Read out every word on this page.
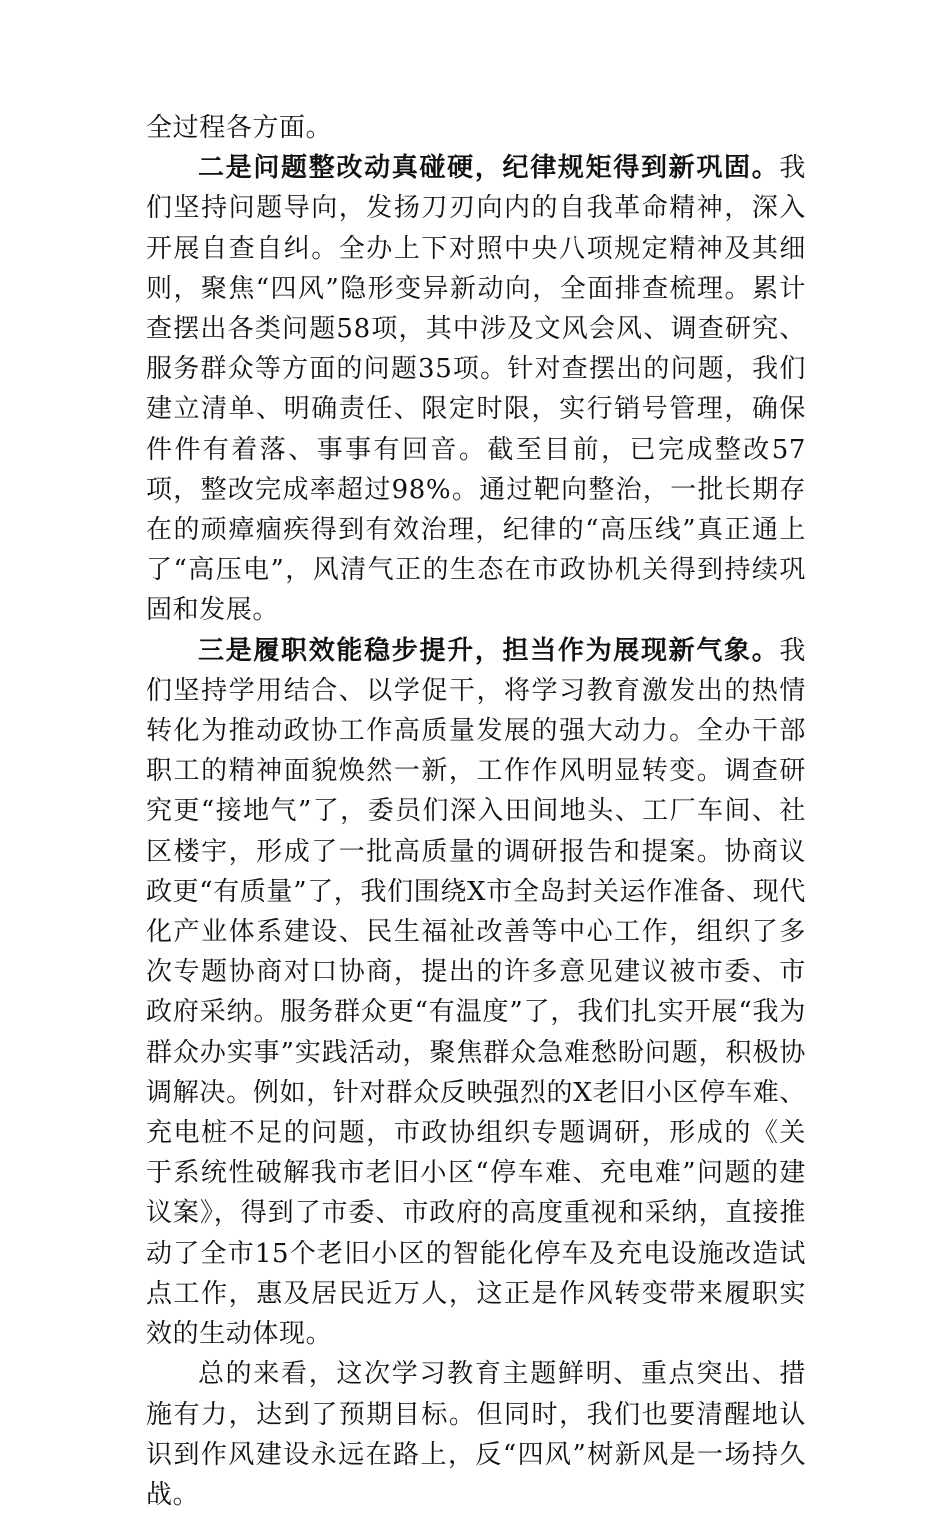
全过程各方面。

二是问题整改动真碰硬，纪律规矩得到新巩固。我们坚持问题导向，发扬刀刃向内的自我革命精神，深入开展自查自纠。全办上下对照中央八项规定精神及其细则，聚焦“四风”隐形变异新动向，全面排查梳理。累计查摆出各类问题58项，其中涉及文风会风、调查研究、服务群众等方面的问题35项。针对查摆出的问题，我们建立清单、明确责任、限定时限，实行销号管理，确保件件有着落、事事有回音。截至目前，已完成整改57项，整改完成率超过98%。通过靶向整治，一批长期存在的顽瘴痼疾得到有效治理，纪律的“高压线”真正通上了“高压电”，风清气正的生态在市政协机关得到持续巩固和发展。

三是履职效能稳步提升，担当作为展现新气象。我们坚持学用结合、以学促干，将学习教育激发出的热情转化为推动政协工作高质量发展的强大动力。全办干部职工的精神面貌焕然一新，工作作风明显转变。调查研究更“接地气”了，委员们深入田间地头、工厂车间、社区楼宇，形成了一批高质量的调研报告和提案。协商议政更“有质量”了，我们围绕X市全岛封关运作准备、现代化产业体系建设、民生福祉改善等中心工作，组织了多次专题协商对口协商，提出的许多意见建议被市委、市政府采纳。服务群众更“有温度”了，我们扎实开展“我为群众办实事”实践活动，聚焦群众急难愁盼问题，积极协调解决。例如，针对群众反映强烈的X老旧小区停车难、充电桩不足的问题，市政协组织专题调研，形成的《关于系统性破解我市老旧小区“停车难、充电难”问题的建议案》，得到了市委、市政府的高度重视和采纳，直接推动了全市15个老旧小区的智能化停车及充电设施改造试点工作，惠及居民近万人，这正是作风转变带来履职实效的生动体现。

总的来看，这次学习教育主题鲜明、重点突出、措施有力，达到了预期目标。但同时，我们也要清醒地认识到作风建设永远在路上，反“四风”树新风是一场持久战。
